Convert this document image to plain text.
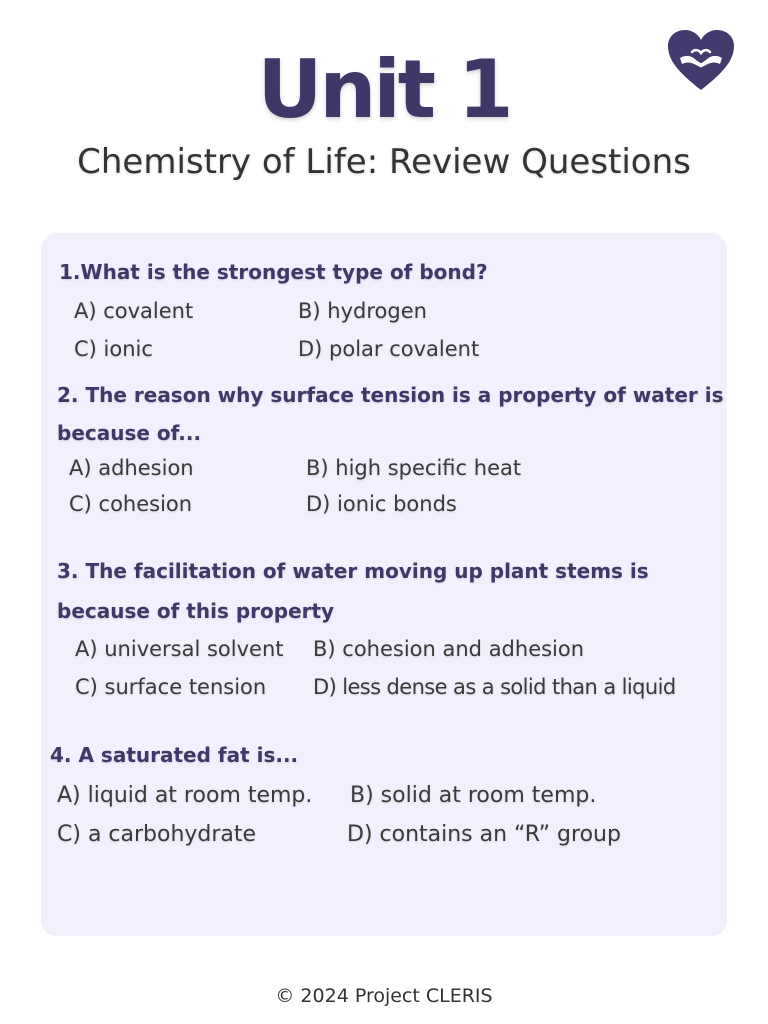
Unit 1
Chemistry of Life: Review Questions
1.What is the strongest type of bond?
A) covalent	B) hydrogen
C) ionic	D) polar covalent
2. The reason why surface tension is a property of water is
because of...
A) adhesion	B) high specific heat
C) cohesion	D) ionic bonds
3. The facilitation of water moving up plant stems is
because of this property
A) universal solvent B) cohesion and adhesion
C) surface tension D) less dense as a solid than a liquid
4. A saturated fat is...
A) liquid at room temp. B) solid at room temp.
C) a carbohydrate	D) contains an “R” group
© 2024 Project CLERIS
